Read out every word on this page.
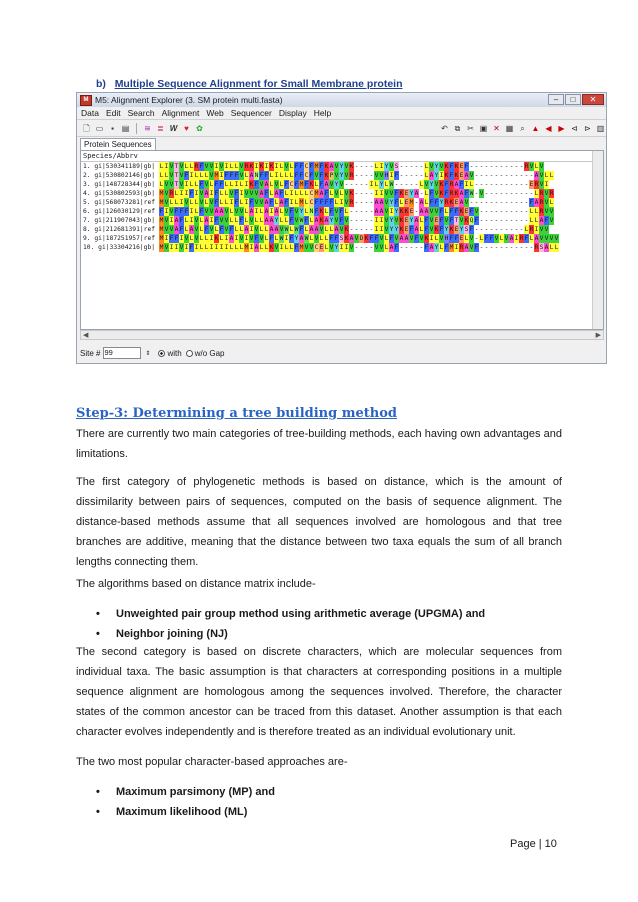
b) Multiple Sequence Alignment for Small Membrane protein
M M5: Alignment Explorer (3. SM protein multi.fasta)	–	□	✕
Data Edit Search Alignment Web Sequencer Display Help
🗋 ▭ ▪ ▤ ≋ ≣ W ♥ ✿	↶ ⧉ ✂ ▣ ✕ ▦ ⌕ ▲ ◀ ▶ ⊲ ⊳ ▥
Protein Sequences
Species/Abbrv
1. gi|530341189|gb| L I V T V L L R F V V I V I L L V R K I K I K I L V L F F C F M F K A V Y V K - - - - L I Y V S - - - - - L V Y V K F K E F - - - - - - - - - - - R V L V
2. gi|530802146|gb| L L V T V F I L L L V M I F F F V L A N F F L I L L L F F C F V F K P V Y V R - - - - V V H I F - - - - - L A Y I K F K E A V - - - - - - - - - - - - A V L L
3. gi|148728344|gb| L V V T V I L L F V L F F L L I L I K F V A L V L F C F M F K L F A V Y V - - - - - I L Y L W - - - - - L V Y V K F R A F I L - - - - - - - - - - - E R V I
4. gi|530802593|gb| M V R L I I F I V A I F L L V F I V V V A F L A F L I L L L C M A F L V L V K - - - - I I V V F K E Y A - L F V K F R K A F W - V - - - - - - - - - - L R V R
5. gi|568073281|ref M V L L I V L L V L V F L L I F L I F V V A F L A F I L M L C F F F F L I V R - - - - A A V Y F L E M - A L F F Y R K E A V - - - - - - - - - - - - F A R V L
6. gi|126030129|ref F I V F F F I L F V V A A V L V V L A I L A I A L V F V Y L N F K L F V F L - - - - - A A V I Y K K E - A A V V F L F F K E F V - - - - - - - - - - L L R V V
7. gi|211907043|gb| M V I A F L I V L A I F V V L L F L V L L A A Y L L F V W F L A K A Y V F V - - - - - I I V Y V K E Y A L F V E F V F T V K Q F - - - - - - - - - - L L A F V
8. gi|212681391|ref M V V A F L A V L F V L F V F L L A I V L L A A V W L W F L A A V L L A V K - - - - - I I V Y Y K E F A L F V K F Y K E Y S F - - - - - - - - - - L R I V V
9. gi|187251957|ref M I F F I V L V L L I K L I A I V I V F V L F L W I F Y A W L V L L F F S K A V D K F F V L F V A A V F V K I L V H F F E L V - L F F V L V A I R F L A V V V V
10. gi|33304216|gb| M V I I V I F I L L I I I I L L L M I A L L K V I L L F M V V C E L V Y I I V - - - - V V L A F - - - - - F A Y L F M I R A V F - - - - - - - - - - - R S A L L
◀	▶
Site # 99	⇕ with w/o Gap
Step-3: Determining a tree building method

There are currently two main categories of tree-building methods, each having own advantages and limitations.

The first category of phylogenetic methods is based on distance, which is the amount of dissimilarity between pairs of sequences, computed on the basis of sequence alignment. The distance-based methods assume that all sequences involved are homologous and that tree branches are additive, meaning that the distance between two taxa equals the sum of all branch lengths connecting them.

The algorithms based on distance matrix include-

•	Unweighted pair group method using arithmetic average (UPGMA) and
•	Neighbor joining (NJ)

The second category is based on discrete characters, which are molecular sequences from individual taxa. The basic assumption is that characters at corresponding positions in a multiple sequence alignment are homologous among the sequences involved. Therefore, the character states of the common ancestor can be traced from this dataset. Another assumption is that each character evolves independently and is therefore treated as an individual evolutionary unit.

The two most popular character-based approaches are-

•	Maximum parsimony (MP) and
•	Maximum likelihood (ML)
Page | 10
